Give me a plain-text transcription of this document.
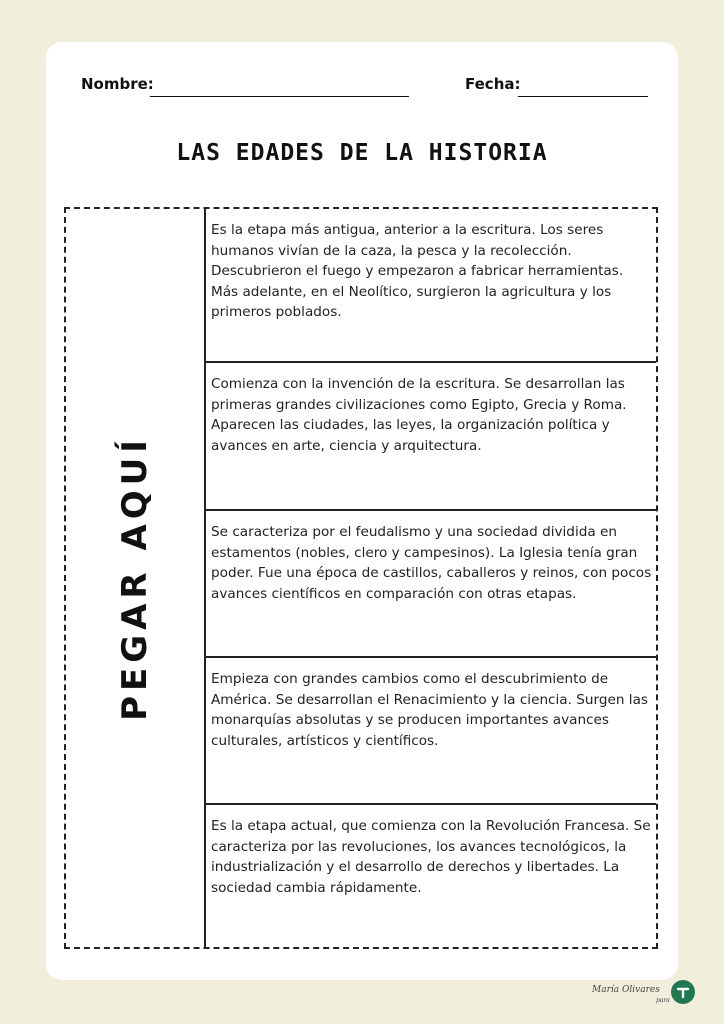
Nombre:	Fecha:
LAS EDADES DE LA HISTORIA
PEGAR AQUÍ
Es la etapa más antigua, anterior a la escritura. Los seres humanos vivían de la caza, la pesca y la recolección. Descubrieron el fuego y empezaron a fabricar herramientas. Más adelante, en el Neolítico, surgieron la agricultura y los primeros poblados.
Comienza con la invención de la escritura. Se desarrollan las primeras grandes civilizaciones como Egipto, Grecia y Roma. Aparecen las ciudades, las leyes, la organización política y avances en arte, ciencia y arquitectura.
Se caracteriza por el feudalismo y una sociedad dividida en estamentos (nobles, clero y campesinos). La Iglesia tenía gran poder. Fue una época de castillos, caballeros y reinos, con pocos avances científicos en comparación con otras etapas.
Empieza con grandes cambios como el descubrimiento de América. Se desarrollan el Renacimiento y la ciencia. Surgen las monarquías absolutas y se producen importantes avances culturales, artísticos y científicos.
Es la etapa actual, que comienza con la Revolución Francesa. Se caracteriza por las revoluciones, los avances tecnológicos, la industrialización y el desarrollo de derechos y libertades. La sociedad cambia rápidamente.
María Olivares
para
